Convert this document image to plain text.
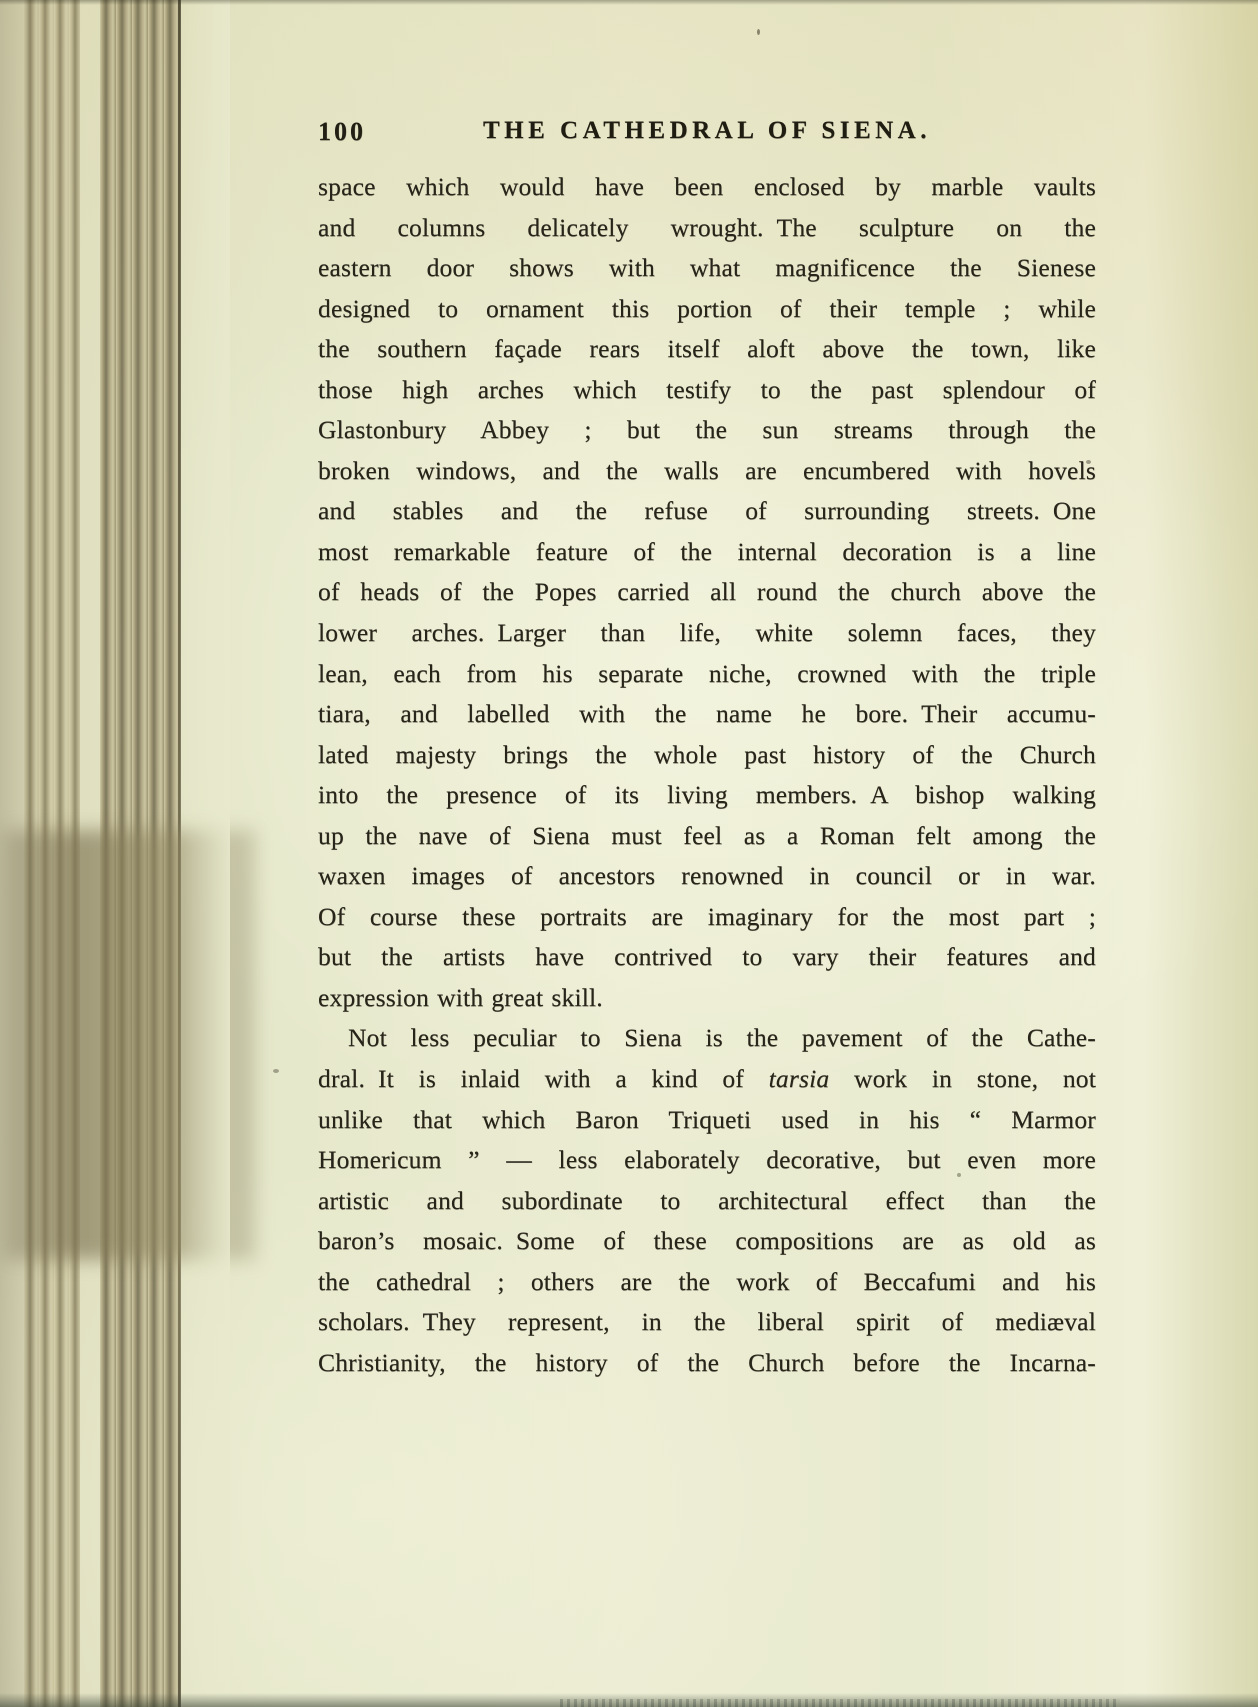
100	THE CATHEDRAL OF SIENA.
space which would have been enclosed by marble vaults
and columns delicately wrought. The sculpture on the
eastern door shows with what magnificence the Sienese
designed to ornament this portion of their temple ; while
the southern façade rears itself aloft above the town, like
those high arches which testify to the past splendour of
Glastonbury Abbey ; but the sun streams through the
broken windows, and the walls are encumbered with hovels
and stables and the refuse of surrounding streets. One
most remarkable feature of the internal decoration is a line
of heads of the Popes carried all round the church above the
lower arches. Larger than life, white solemn faces, they
lean, each from his separate niche, crowned with the triple
tiara, and labelled with the name he bore. Their accumu-
lated majesty brings the whole past history of the Church
into the presence of its living members. A bishop walking
up the nave of Siena must feel as a Roman felt among the
waxen images of ancestors renowned in council or in war.
Of course these portraits are imaginary for the most part ;
but the artists have contrived to vary their features and
expression with great skill.
Not less peculiar to Siena is the pavement of the Cathe-
dral. It is inlaid with a kind of tarsia work in stone, not
unlike that which Baron Triqueti used in his “ Marmor
Homericum ” — less elaborately decorative, but even more
artistic and subordinate to architectural effect than the
baron’s mosaic. Some of these compositions are as old as
the cathedral ; others are the work of Beccafumi and his
scholars. They represent, in the liberal spirit of mediæval
Christianity, the history of the Church before the Incarna-
